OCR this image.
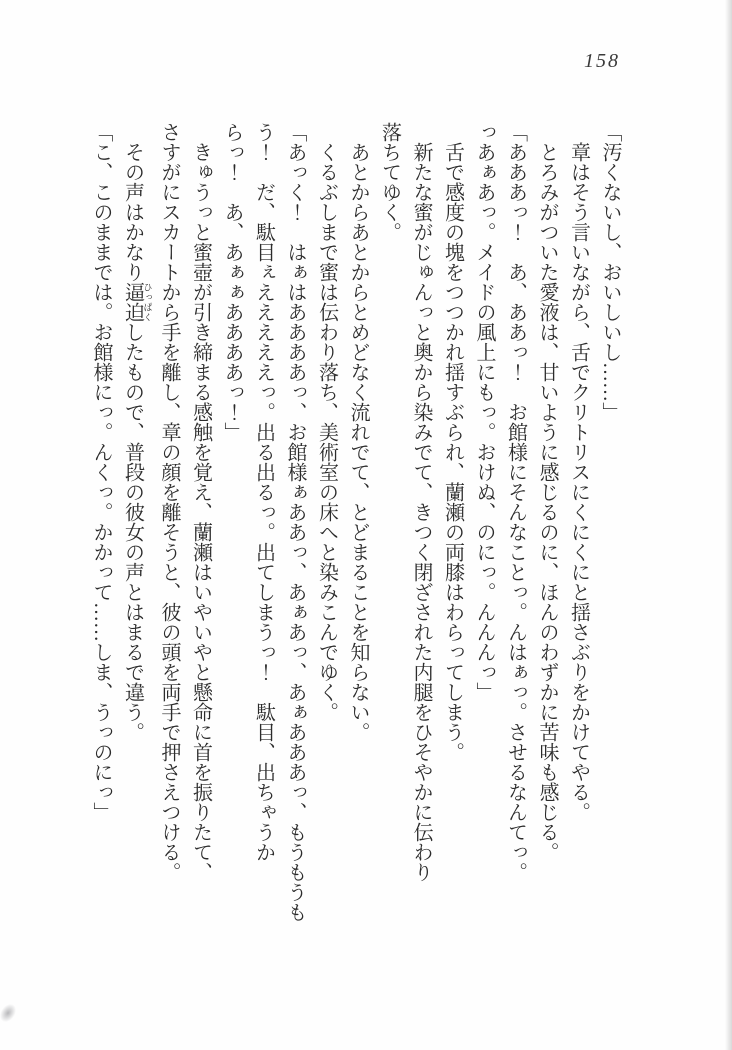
158

「汚くないし、おいしいし……」

章はそう言いながら、舌でクリトリスにくにくにと揺さぶりをかけてやる。

とろみがついた愛液は、甘いように感じるのに、ほんのわずかに苦味も感じる。

「あああっ！　あ、ああっ！　お館様にそんなことっ。んはぁっ。させるなんてっ。

っあぁあっ。メイドの風上にもっ。おけぬ、のにっ。んんんっ」

舌で感度の塊をつつかれ揺すぶられ、蘭瀬の両膝はわらってしまう。

新たな蜜がじゅんっと奥から染みでて、きつく閉ざされた内腿をひそやかに伝わり

落ちてゆく。

あとからあとからとめどなく流れでて、とどまることを知らない。

くるぶしまで蜜は伝わり落ち、美術室の床へと染みこんでゆく。

「あっく！　はぁはああああっ、お館様ぁああっ、あぁあっ、あぁあああっ、もうもうも

う！　だ、駄目ぇえええええっ。出る出るっ。出てしまうっ！　駄目、出ちゃうか

らっ！　あ、あぁぁああああっ！」

きゅうっと蜜壺が引き締まる感触を覚え、蘭瀬はいやいやと懸命に首を振りたて、

さすがにスカートから手を離し、章の顔を離そうと、彼の頭を両手で押さえつける。

その声はかなり逼迫 ひっぱくしたもので、普段の彼女の声とはまるで違う。

「こ、このままでは。お館様にっ。んくっ。かかって……しま、うっのにっ」
